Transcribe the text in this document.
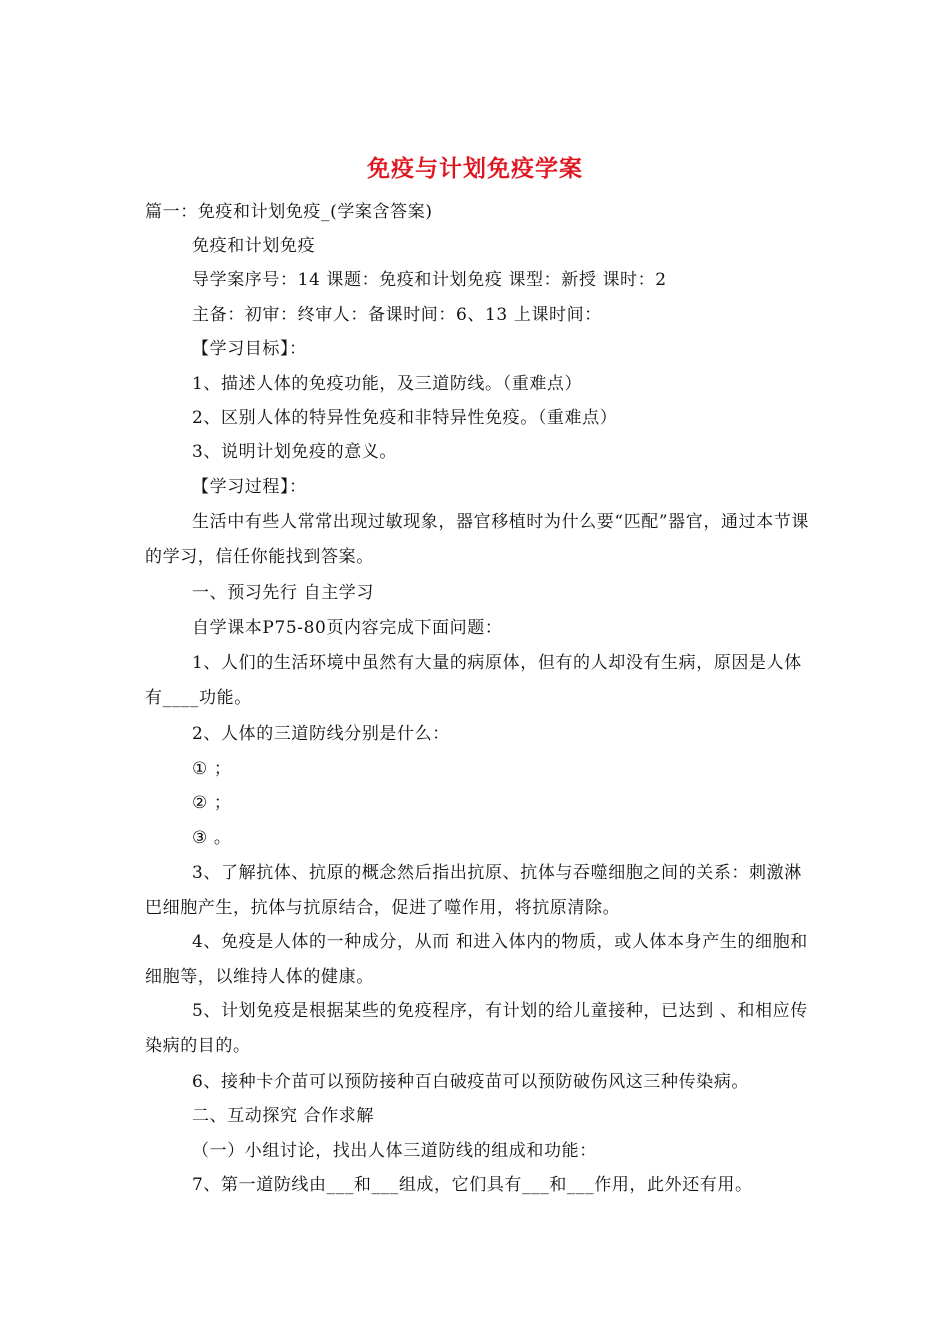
免疫与计划免疫学案
篇一：免疫和计划免疫_(学案含答案)
免疫和计划免疫
导学案序号：14 课题：免疫和计划免疫 课型：新授 课时：2
主备：初审：终审人：备课时间：6、13 上课时间：
【学习目标】：
1、描述人体的免疫功能，及三道防线。（重难点）
2、区别人体的特异性免疫和非特异性免疫。（重难点）
3、说明计划免疫的意义。
【学习过程】：
生活中有些人常常出现过敏现象，器官移植时为什么要“匹配”器官，通过本节课的学习，信任你能找到答案。
一、预习先行 自主学习
自学课本P75-80页内容完成下面问题：
1、人们的生活环境中虽然有大量的病原体，但有的人却没有生病，原因是人体有____功能。
2、人体的三道防线分别是什么：
① ；
② ；
③ 。
3、了解抗体、抗原的概念然后指出抗原、抗体与吞噬细胞之间的关系：刺激淋巴细胞产生，抗体与抗原结合，促进了噬作用，将抗原清除。
4、免疫是人体的一种成分，从而 和进入体内的物质，或人体本身产生的细胞和 细胞等，以维持人体的健康。
5、计划免疫是根据某些的免疫程序，有计划的给儿童接种，已达到 、和相应传染病的目的。
6、接种卡介苗可以预防接种百白破疫苗可以预防破伤风这三种传染病。
二、互动探究 合作求解
（一）小组讨论，找出人体三道防线的组成和功能：
7、第一道防线由___和___组成，它们具有___和___作用，此外还有用。
